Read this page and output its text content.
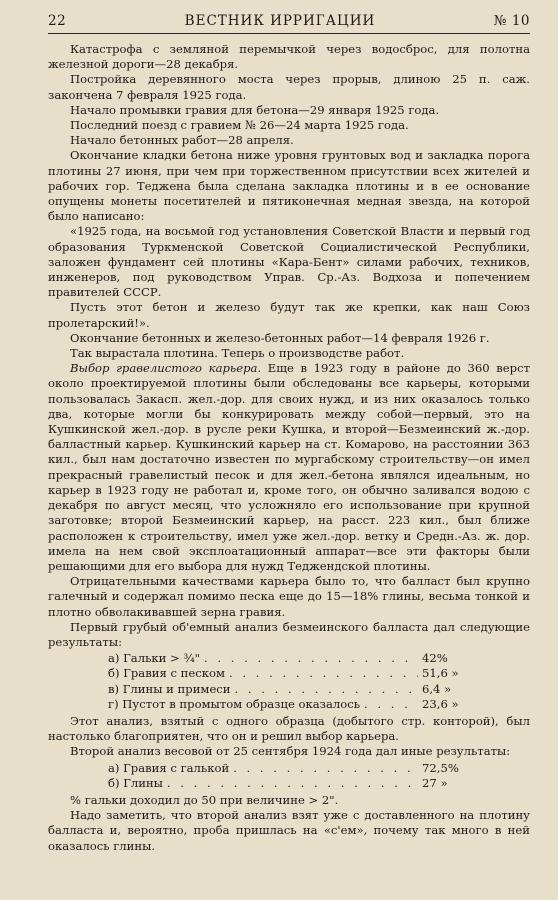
22	ВЕСТНИК ИРРИГАЦИИ	№ 10

Катастрофа с земляной перемычкой через водосброс, для полотна железной дороги—28 декабря.

Постройка деревянного моста через прорыв, длиною 25 п. саж. закончена 7 февраля 1925 года.

Начало промывки гравия для бетона—29 января 1925 года.

Последний поезд с гравием № 26—24 марта 1925 года.

Начало бетонных работ—28 апреля.

Окончание кладки бетона ниже уровня грунтовых вод и закладка порога плотины 27 июня, при чем при торжественном присутствии всех жителей и рабочих гор. Теджена была сделана закладка плотины и в ее основание опущены монеты посетителей и пятиконечная медная звезда, на которой было написано:

«1925 года, на восьмой год установления Советской Власти и первый год образования Туркменской Советской Социалистической Республики, заложен фундамент сей плотины «Кара-Бент» силами рабочих, техников, инженеров, под руководством Управ. Ср.-Аз. Водхоза и попечением правителей СССР.

Пусть этот бетон и железо будут так же крепки, как наш Союз пролетарский!».

Окончание бетонных и железо-бетонных работ—14 февраля 1926 г.

Так вырастала плотина. Теперь о производстве работ.

Выбор гравелистого карьера. Еще в 1923 году в районе до 360 верст около проектируемой плотины были обследованы все карьеры, которыми пользовалась Закасп. жел.-дор. для своих нужд, и из них оказалось только два, которые могли бы конкурировать между собой—первый, это на Кушкинской жел.-дор. в русле реки Кушка, и второй—Безмеинский ж.-дор. балластный карьер. Кушкинский карьер на ст. Комарово, на расстоянии 363 кил., был нам достаточно известен по мургабскому строительству—он имел прекрасный гравелистый песок и для жел.-бетона являлся идеальным, но карьер в 1923 году не работал и, кроме того, он обычно заливался водою с декабря по август месяц, что усложняло его использование при крупной заготовке; второй Безмеинский карьер, на расст. 223 кил., был ближе расположен к строительству, имел уже жел.-дор. ветку и Средн.-Аз. ж. дор. имела на нем свой эксплоатационный аппарат—все эти факторы были решающими для его выбора для нужд Теджендской плотины.

Отрицательными качествами карьера было то, что балласт был крупно галечный и содержал помимо песка еще до 15—18% глины, весьма тонкой и плотно обволакивавшей зерна гравия.

Первый грубый об'емный анализ безмеинского балласта дал следующие результаты:

а) Гальки > ¾" . . .	42%
б) Гравия с песком . . .	51,6 »
в) Глины и примеси . . .	6,4 »
г) Пустот в промытом образце оказалось . . .	23,6 »

Этот анализ, взятый с одного образца (добытого стр. конторой), был настолько благоприятен, что он и решил выбор карьера.

Второй анализ весовой от 25 сентября 1924 года дал иные результаты:

а) Гравия с галькой . . .	72,5%
б) Глины . . .	27 »

% гальки доходил до 50 при величине > 2".

Надо заметить, что второй анализ взят уже с доставленного на плотину балласта и, вероятно, проба пришлась на «с'ем», почему так много в ней оказалось глины.
